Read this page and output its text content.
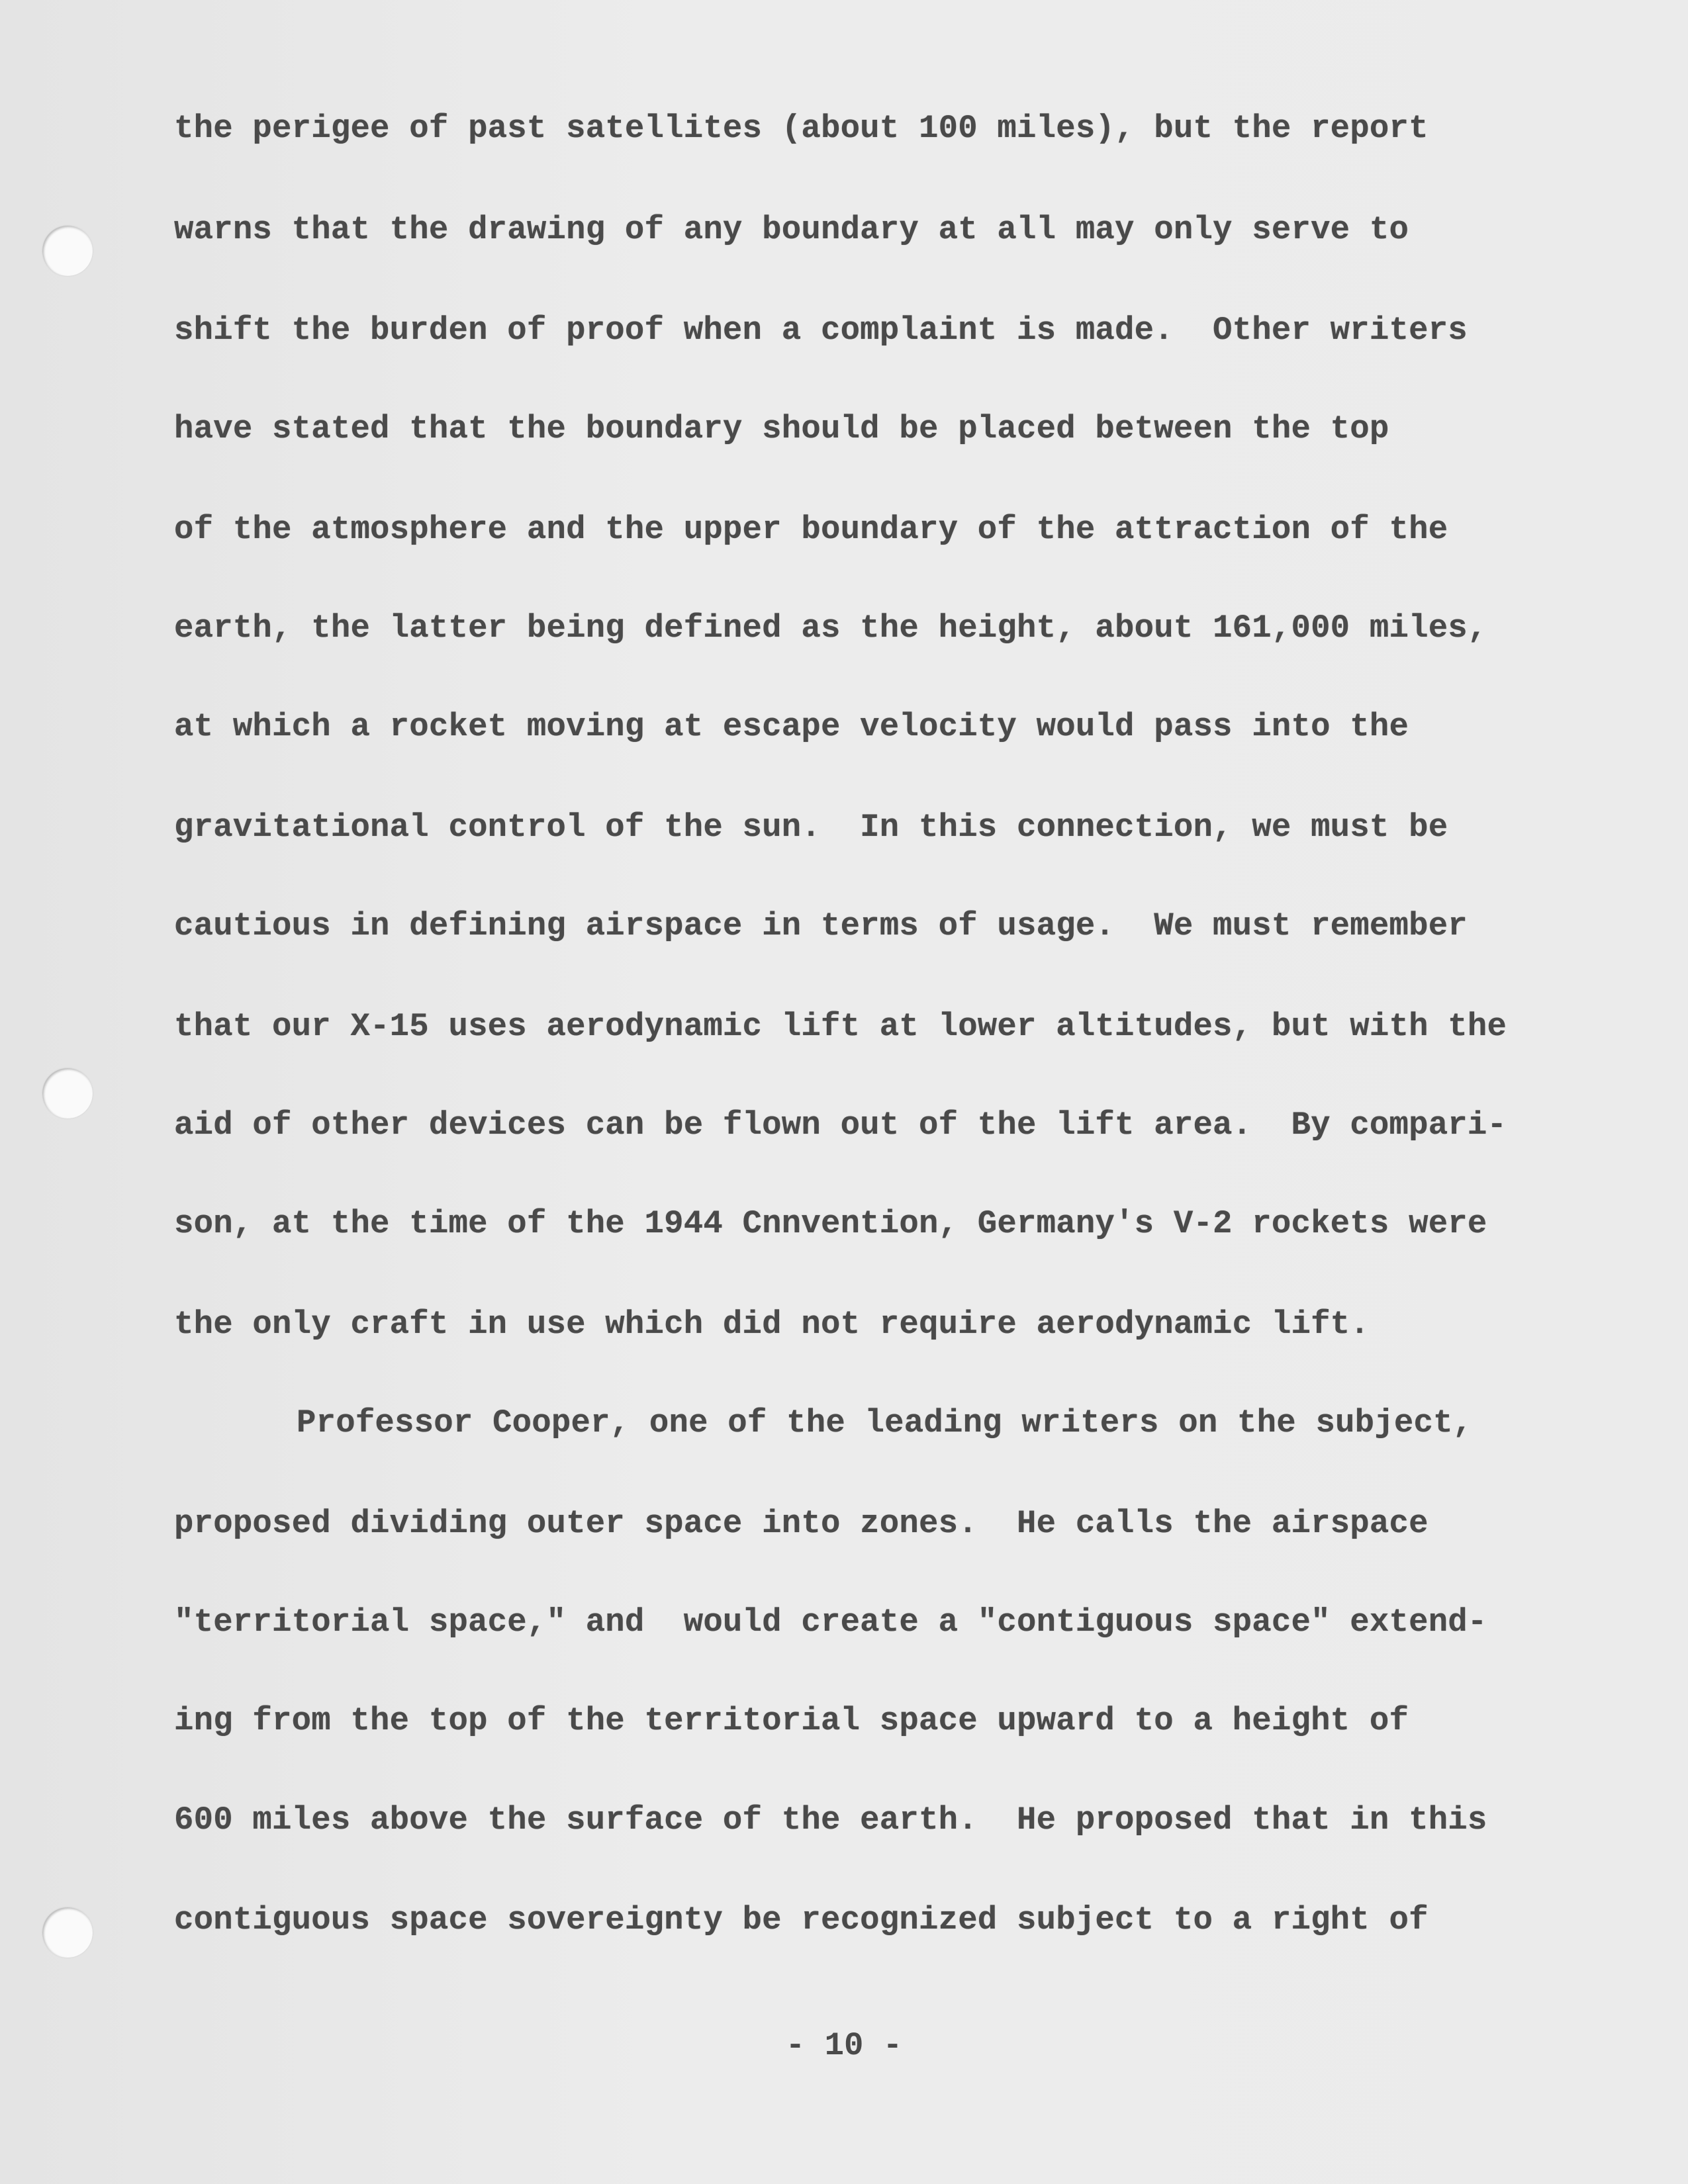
the perigee of past satellites (about 100 miles), but the report
warns that the drawing of any boundary at all may only serve to
shift the burden of proof when a complaint is made.  Other writers
have stated that the boundary should be placed between the top
of the atmosphere and the upper boundary of the attraction of the
earth, the latter being defined as the height, about 161,000 miles,
at which a rocket moving at escape velocity would pass into the
gravitational control of the sun.  In this connection, we must be
cautious in defining airspace in terms of usage.  We must remember
that our X-15 uses aerodynamic lift at lower altitudes, but with the
aid of other devices can be flown out of the lift area.  By compari-
son, at the time of the 1944 Cnnvention, Germany's V-2 rockets were
the only craft in use which did not require aerodynamic lift.
Professor Cooper, one of the leading writers on the subject,
proposed dividing outer space into zones.  He calls the airspace
"territorial space," and  would create a "contiguous space" extend-
ing from the top of the territorial space upward to a height of
600 miles above the surface of the earth.  He proposed that in this
contiguous space sovereignty be recognized subject to a right of
- 10 -
